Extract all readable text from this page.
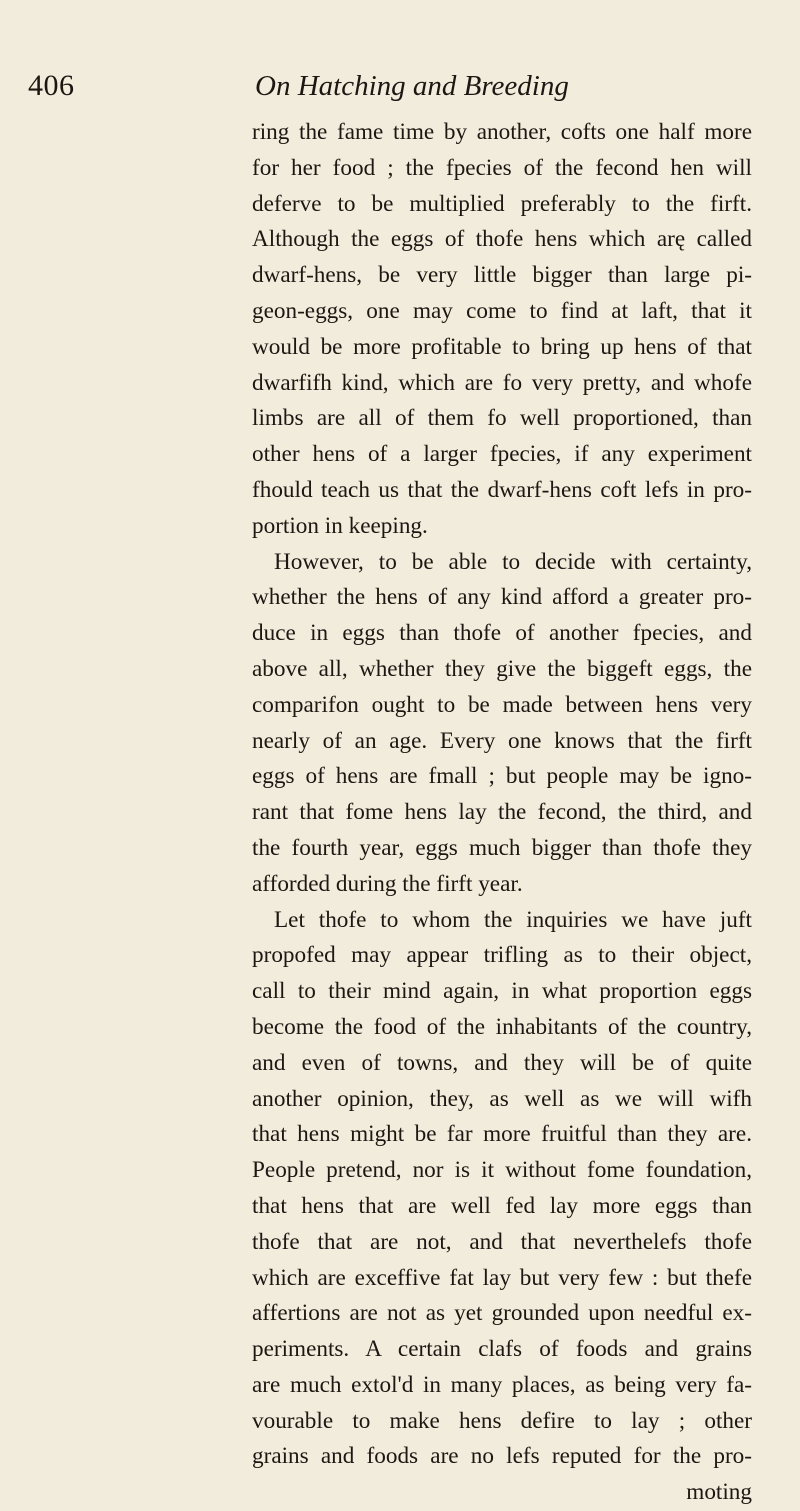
406	On Hatching and Breeding
ring the fame time by another, cofts one half more
for her food ; the fpecies of the fecond hen will
deferve to be multiplied preferably to the firft.
Although the eggs of thofe hens which arę called
dwarf-hens, be very little bigger than large pi-
geon-eggs, one may come to find at laft, that it
would be more profitable to bring up hens of that
dwarfifh kind, which are fo very pretty, and whofe
limbs are all of them fo well proportioned, than
other hens of a larger fpecies, if any experiment
fhould teach us that the dwarf-hens coft lefs in pro-
portion in keeping.
However, to be able to decide with certainty,
whether the hens of any kind afford a greater pro-
duce in eggs than thofe of another fpecies, and
above all, whether they give the biggeft eggs, the
comparifon ought to be made between hens very
nearly of an age. Every one knows that the firft
eggs of hens are fmall ; but people may be igno-
rant that fome hens lay the fecond, the third, and
the fourth year, eggs much bigger than thofe they
afforded during the firft year.
Let thofe to whom the inquiries we have juft
propofed may appear trifling as to their object,
call to their mind again, in what proportion eggs
become the food of the inhabitants of the country,
and even of towns, and they will be of quite
another opinion, they, as well as we will wifh
that hens might be far more fruitful than they are.
People pretend, nor is it without fome foundation,
that hens that are well fed lay more eggs than
thofe that are not, and that neverthelefs thofe
which are exceffive fat lay but very few : but thefe
affertions are not as yet grounded upon needful ex-
periments. A certain clafs of foods and grains
are much extol'd in many places, as being very fa-
vourable to make hens defire to lay ; other
grains and foods are no lefs reputed for the pro-
moting
